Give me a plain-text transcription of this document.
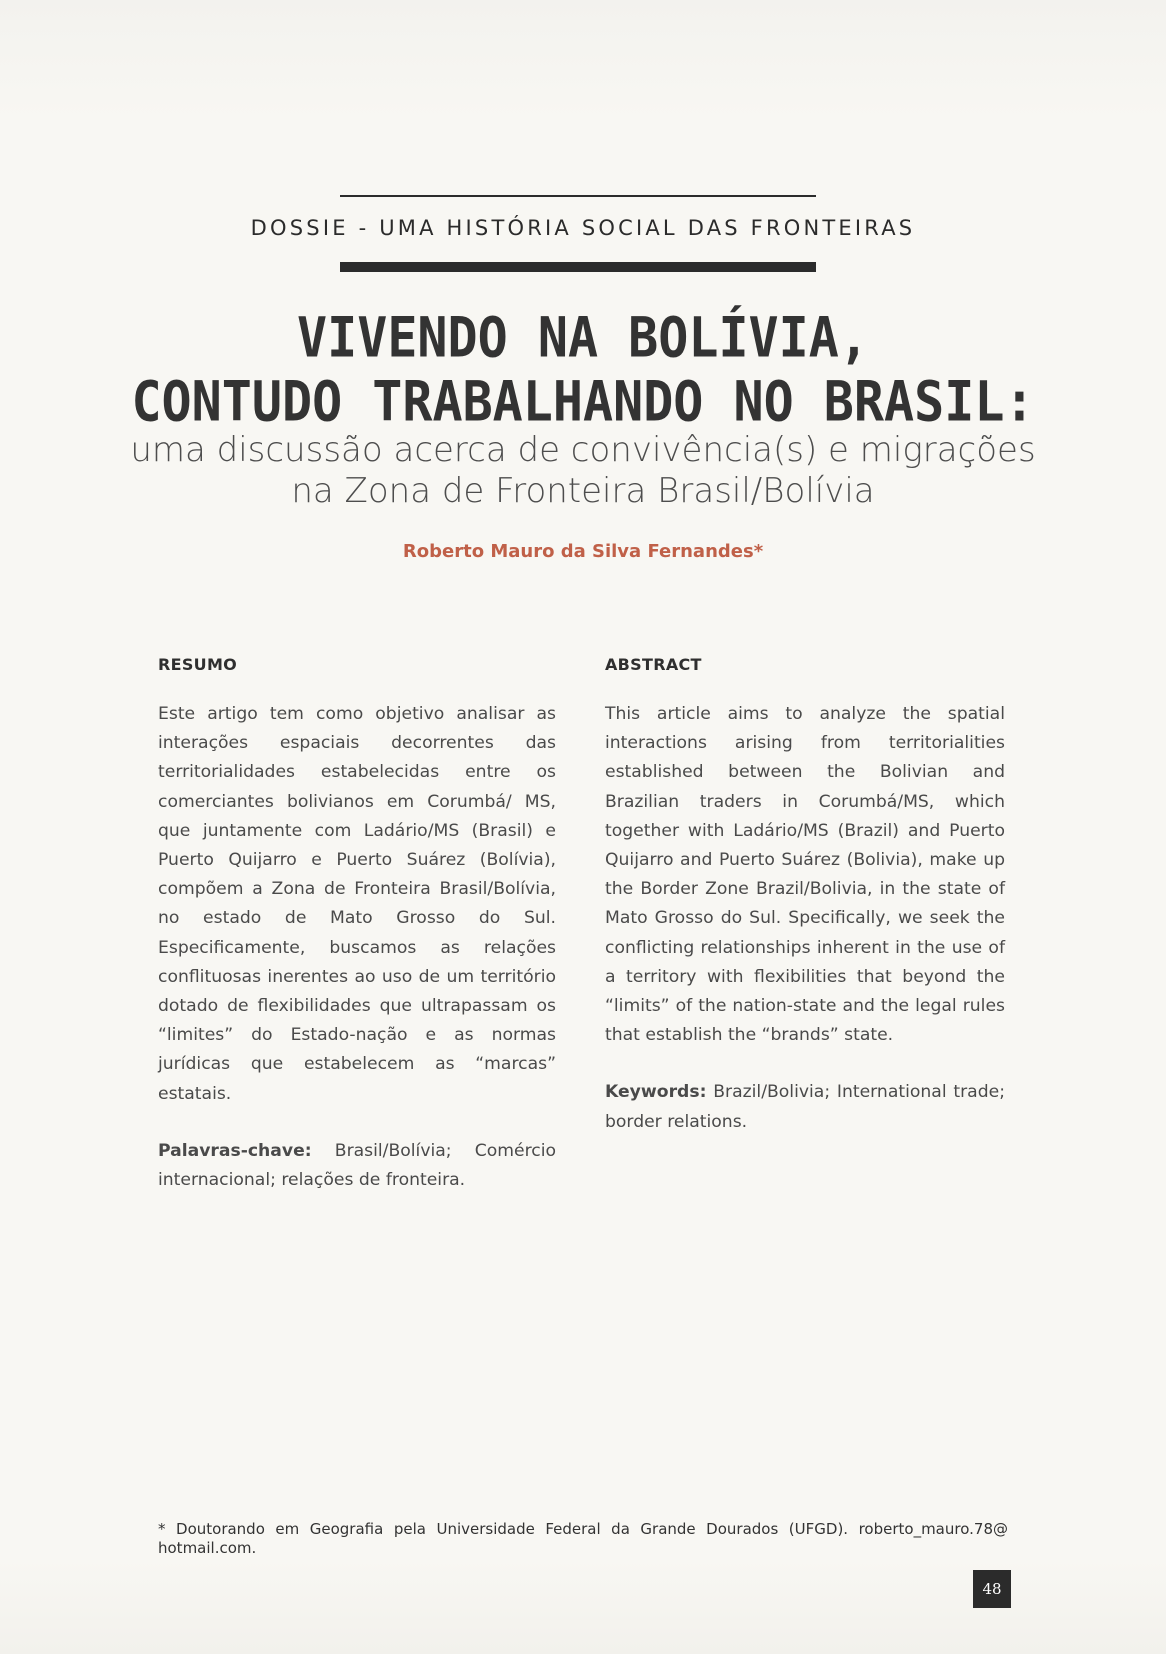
DOSSIE - UMA HISTÓRIA SOCIAL DAS FRONTEIRAS
VIVENDO NA BOLÍVIA,
CONTUDO TRABALHANDO NO BRASIL:
uma discussão acerca de convivência(s) e migrações
na Zona de Fronteira Brasil/Bolívia
Roberto Mauro da Silva Fernandes*
RESUMO

Este artigo tem como objetivo analisar as interações espaciais decorrentes das territorialidades estabelecidas entre os comerciantes bolivianos em Corumbá/ MS, que juntamente com Ladário/MS (Brasil) e Puerto Quijarro e Puerto Suárez (Bolívia), compõem a Zona de Fronteira Brasil/Bolívia, no estado de Mato Grosso do Sul. Especificamente, buscamos as relações conflituosas inerentes ao uso de um território dotado de flexibilidades que ultrapassam os “limites” do Estado-nação e as normas jurídicas que estabelecem as “marcas” estatais.

Palavras-chave: Brasil/Bolívia; Comércio internacional; relações de fronteira.

ABSTRACT

This article aims to analyze the spatial interactions arising from territorialities established between the Bolivian and Brazilian traders in Corumbá/MS, which together with Ladário/MS (Brazil) and Puerto Quijarro and Puerto Suárez (Bolivia), make up the Border Zone Brazil/Bolivia, in the state of Mato Grosso do Sul. Specifically, we seek the conflicting relationships inherent in the use of a territory with flexibilities that beyond the “limits” of the nation-state and the legal rules that establish the “brands” state.

Keywords: Brazil/Bolivia; International trade; border relations.

* Doutorando em Geografia pela Universidade Federal da Grande Dourados (UFGD). roberto_mauro.78@ hotmail.com.
48
